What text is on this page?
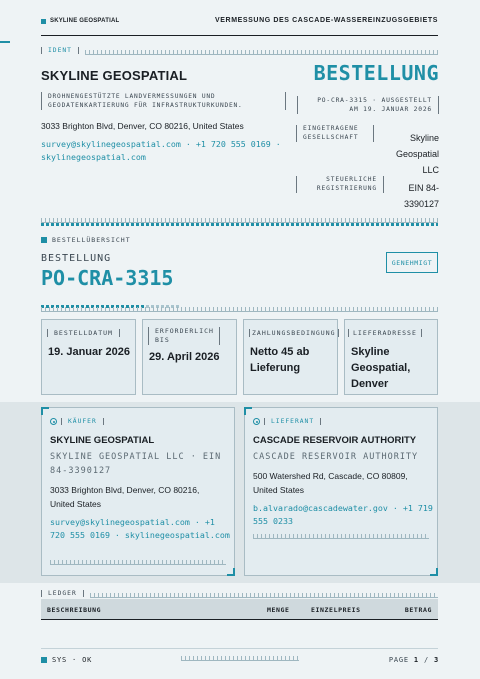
SKYLINE GEOSPATIAL	VERMESSUNG DES CASCADE-WASSEREINZUGSGEBIETS
IDENT
SKYLINE GEOSPATIAL
DROHNENGESTÜTZTE LANDVERMESSUNGEN UND GEODATENKARTIERUNG FÜR INFRASTRUKTURKUNDEN.
3033 Brighton Blvd, Denver, CO 80216, United States
survey@skylinegeospatial.com · +1 720 555 0169 · skylinegeospatial.com
BESTELLUNG
PO-CRA-3315 · AUSGESTELLT AM 19. JANUAR 2026
EINGETRAGENE GESELLSCHAFT	Skyline Geospatial LLC
STEUERLICHE REGISTRIERUNG	EIN 84-3390127
BESTELLÜBERSICHT
BESTELLUNG
PO-CRA-3315
GENEHMIGT
BESTELLDATUM
19. Januar 2026
ERFORDERLICH BIS
29. April 2026
ZAHLUNGSBEDINGUNG
Netto 45 ab Lieferung
LIEFERADRESSE
Skyline Geospatial, Denver
KÄUFER
SKYLINE GEOSPATIAL
SKYLINE GEOSPATIAL LLC · EIN 84-3390127
3033 Brighton Blvd, Denver, CO 80216, United States
survey@skylinegeospatial.com · +1 720 555 0169 · skylinegeospatial.com
LIEFERANT
CASCADE RESERVOIR AUTHORITY
CASCADE RESERVOIR AUTHORITY
500 Watershed Rd, Cascade, CO 80809, United States
b.alvarado@cascadewater.gov · +1 719 555 0233
LEDGER
BESCHREIBUNG	MENGE	EINZELPREIS	BETRAG
SYS · OK	PAGE 1 / 3
